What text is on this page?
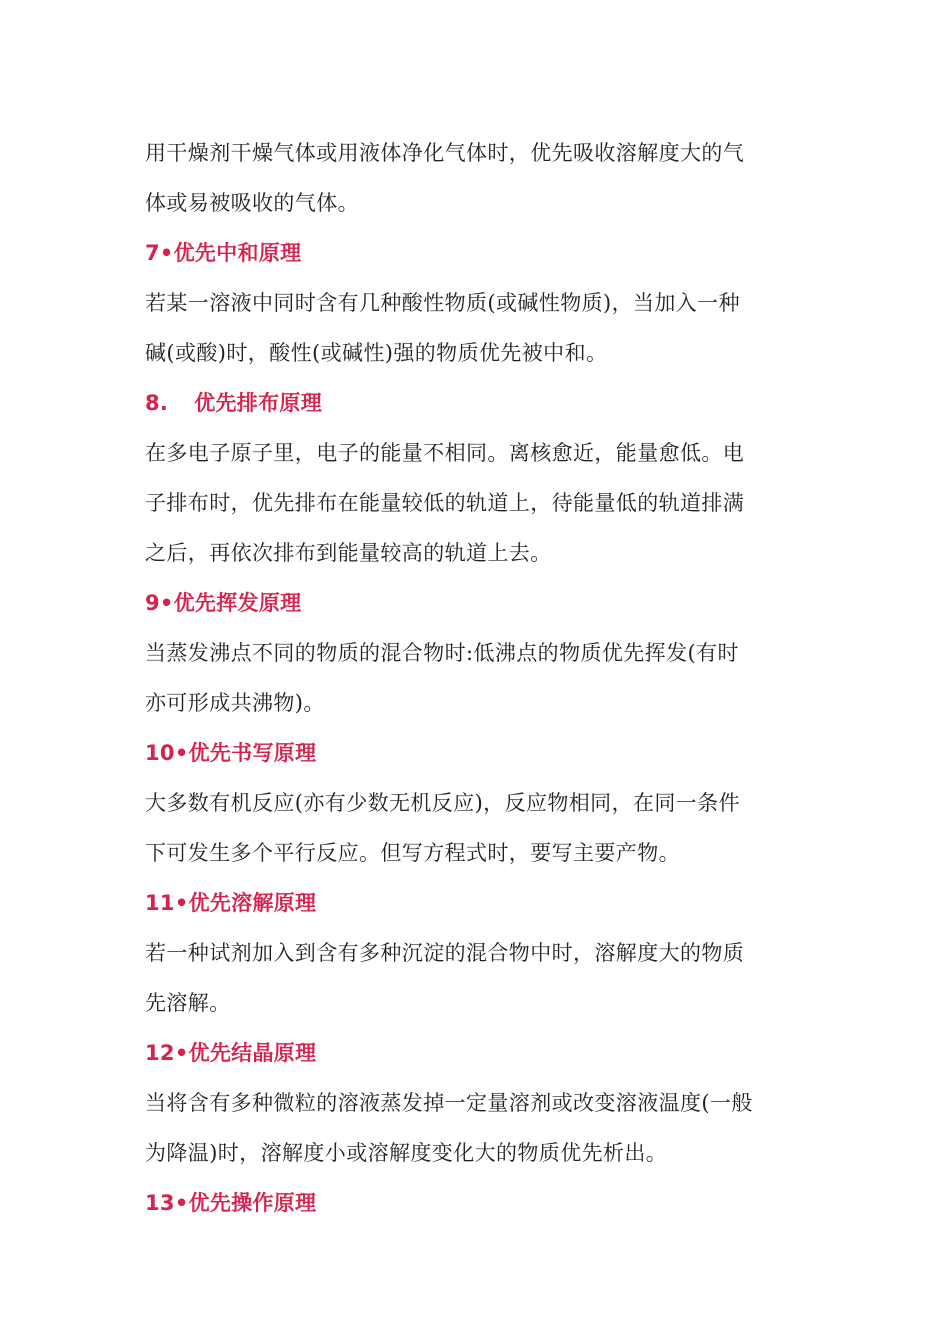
用干燥剂干燥气体或用液体净化气体时，优先吸收溶解度大的气
体或易被吸收的气体。
7•优先中和原理
若某一溶液中同时含有几种酸性物质(或碱性物质)，当加入一种
碱(或酸)时，酸性(或碱性)强的物质优先被中和。
8. 优先排布原理
在多电子原子里，电子的能量不相同。离核愈近，能量愈低。电
子排布时，优先排布在能量较低的轨道上，待能量低的轨道排满
之后，再依次排布到能量较高的轨道上去。
9•优先挥发原理
当蒸发沸点不同的物质的混合物时:低沸点的物质优先挥发(有时
亦可形成共沸物)。
10•优先书写原理
大多数有机反应(亦有少数无机反应)，反应物相同，在同一条件
下可发生多个平行反应。但写方程式时，要写主要产物。
11•优先溶解原理
若一种试剂加入到含有多种沉淀的混合物中时，溶解度大的物质
先溶解。
12•优先结晶原理
当将含有多种微粒的溶液蒸发掉一定量溶剂或改变溶液温度(一般
为降温)时，溶解度小或溶解度变化大的物质优先析出。
13•优先操作原理
